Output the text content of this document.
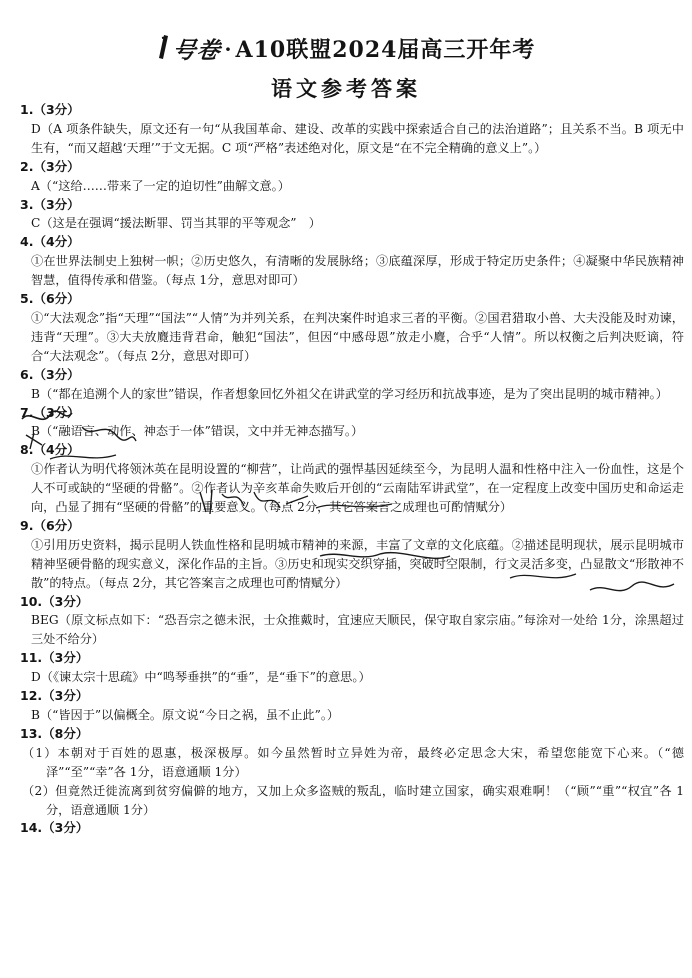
号卷 · A10联盟2024届高三开年考
语文参考答案
1.（3分）
D（A 项条件缺失，原文还有一句“从我国革命、建设、改革的实践中探索适合自己的法治道路”；且关系不当。B 项无中生有，“而又超越‘天理’”于文无据。C 项“严格”表述绝对化，原文是“在不完全精确的意义上”。）
2.（3分）
A（“这给……带来了一定的迫切性”曲解文意。）
3.（3分）
C（这是在强调“援法断罪、罚当其罪的平等观念”　）
4.（4分）
①在世界法制史上独树一帜；②历史悠久，有清晰的发展脉络；③底蕴深厚，形成于特定历史条件；④凝聚中华民族精神智慧，值得传承和借鉴。（每点 1分，意思对即可）
5.（6分）
①“大法观念”指“天理”“国法”“人情”为并列关系，在判决案件时追求三者的平衡。②国君猎取小兽、大夫没能及时劝谏，违背“天理”。③大夫放麑违背君命，触犯“国法”，但因“中感母恩”放走小麑，合乎“人情”。所以权衡之后判决贬谪，符合“大法观念”。（每点 2分，意思对即可）
6.（3分）
B（“都在追溯个人的家世”错误，作者想象回忆外祖父在讲武堂的学习经历和抗战事迹，是为了突出昆明的城市精神。）
7.（3分）
B（“融语言、动作、神态于一体”错误，文中并无神态描写。）
8.（4分）
①作者认为明代将领沐英在昆明设置的“柳营”，让尚武的强悍基因延续至今，为昆明人温和性格中注入一份血性，这是个人不可或缺的“坚硬的骨骼”。②作者认为辛亥革命失败后开创的“云南陆军讲武堂”，在一定程度上改变中国历史和命运走向，凸显了拥有“坚硬的骨骼”的重要意义。（每点 2分，其它答案言之成理也可酌情赋分）
9.（6分）
①引用历史资料，揭示昆明人铁血性格和昆明城市精神的来源，丰富了文章的文化底蕴。②描述昆明现状，展示昆明城市精神坚硬骨骼的现实意义，深化作品的主旨。③历史和现实交织穿插，突破时空限制，行文灵活多变，凸显散文“形散神不散”的特点。（每点 2分，其它答案言之成理也可酌情赋分）
10.（3分）
BEG（原文标点如下：“恐吾宗之德未泯，士众推戴时，宜速应天顺民，保守取自家宗庙。”每涂对一处给 1分，涂黑超过三处不给分）
11.（3分）
D（《谏太宗十思疏》中“鸣琴垂拱”的“垂”，是“垂下”的意思。）
12.（3分）
B（“皆因于”以偏概全。原文说“今日之祸，虽不止此”。）
13.（8分）
（1）本朝对于百姓的恩惠，极深极厚。如今虽然暂时立异姓为帝，最终必定思念大宋，希望您能宽下心来。（“德泽”“至”“幸”各 1分，语意通顺 1分）
（2）但竟然迁徙流离到贫穷偏僻的地方，又加上众多盗贼的叛乱，临时建立国家，确实艰难啊！（“顾”“重”“权宜”各 1分，语意通顺 1分）
14.（3分）
